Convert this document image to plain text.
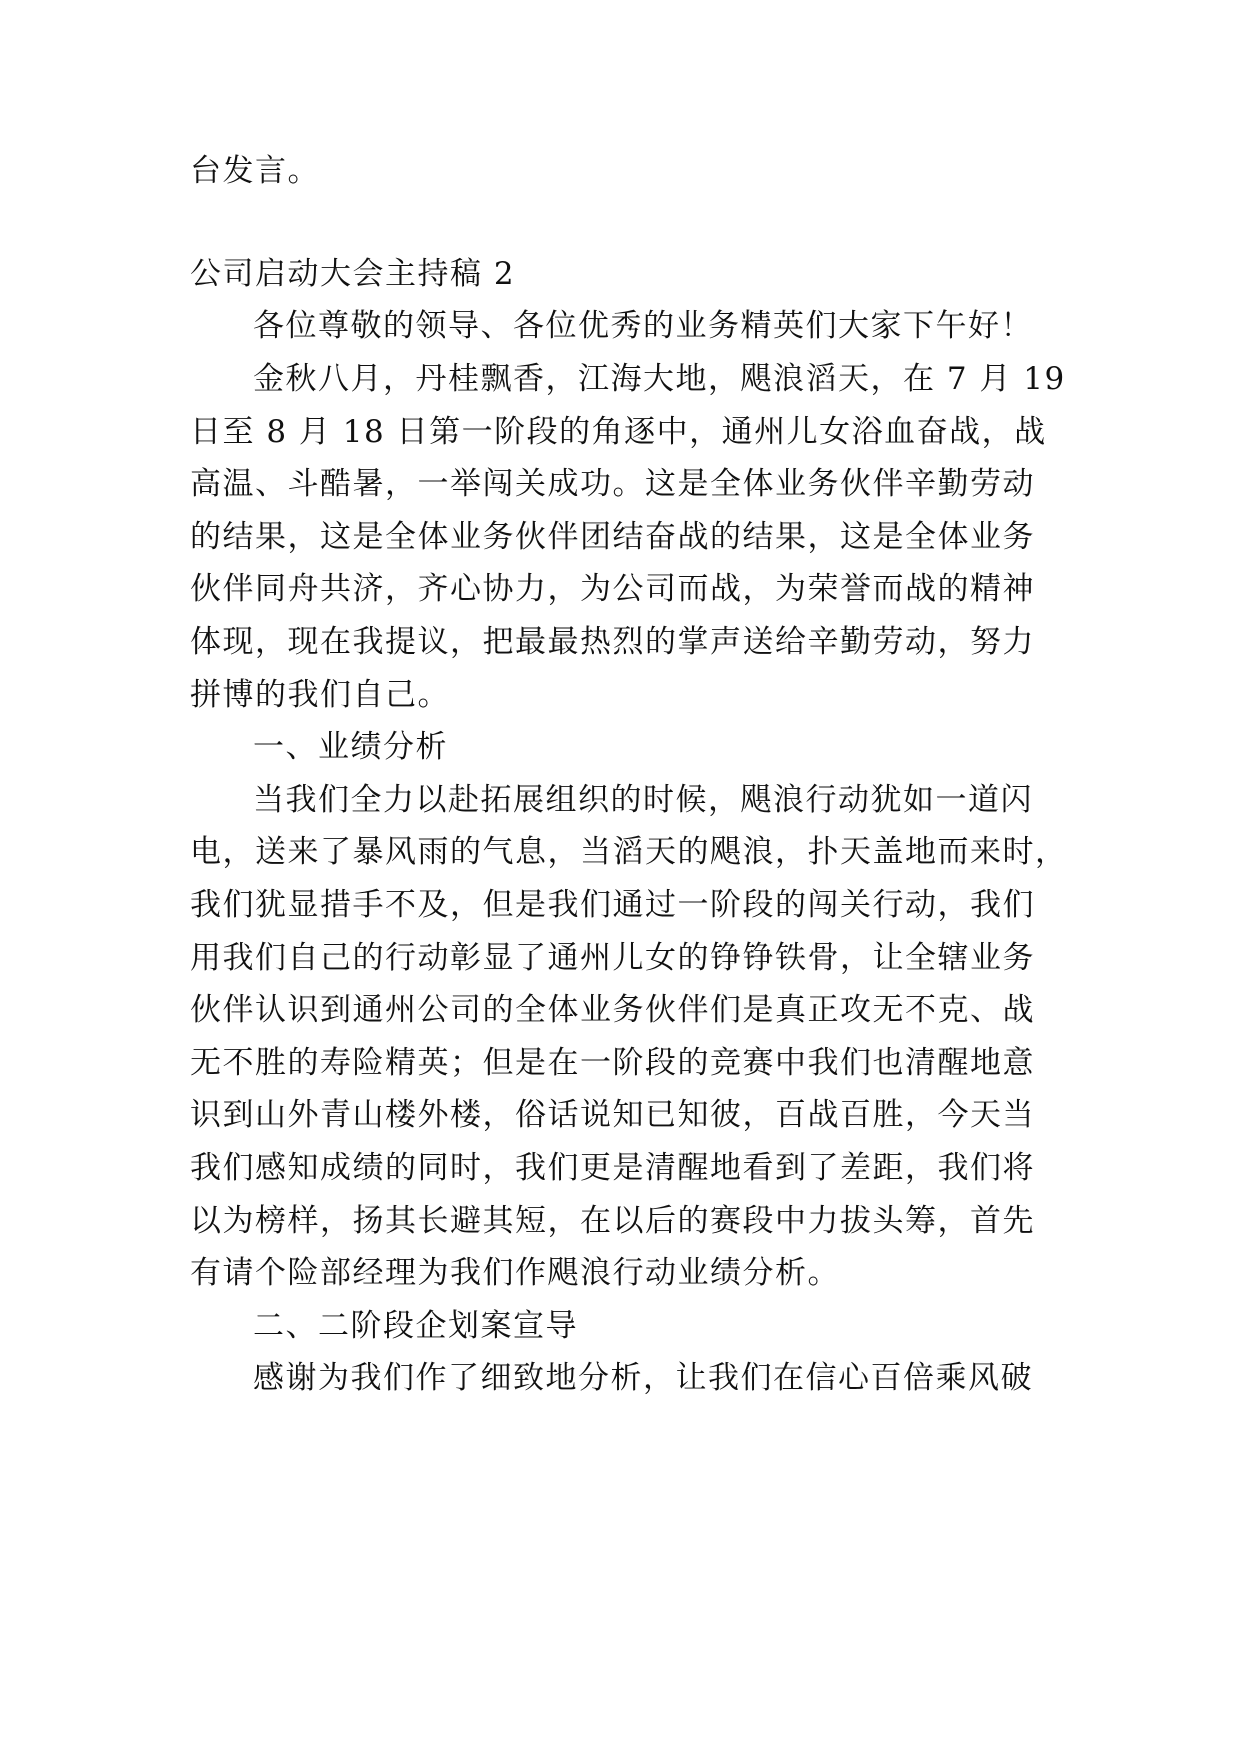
台发言。
公司启动大会主持稿 2
各位尊敬的领导、各位优秀的业务精英们大家下午好！
金秋八月，丹桂飘香，江海大地，飓浪滔天，在 7 月 19
日至 8 月 18 日第一阶段的角逐中，通州儿女浴血奋战，战
高温、斗酷暑，一举闯关成功。这是全体业务伙伴辛勤劳动
的结果，这是全体业务伙伴团结奋战的结果，这是全体业务
伙伴同舟共济，齐心协力，为公司而战，为荣誉而战的精神
体现，现在我提议，把最最热烈的掌声送给辛勤劳动，努力
拼博的我们自己。
一、业绩分析
当我们全力以赴拓展组织的时候，飓浪行动犹如一道闪
电，送来了暴风雨的气息，当滔天的飓浪，扑天盖地而来时，
我们犹显措手不及，但是我们通过一阶段的闯关行动，我们
用我们自己的行动彰显了通州儿女的铮铮铁骨，让全辖业务
伙伴认识到通州公司的全体业务伙伴们是真正攻无不克、战
无不胜的寿险精英；但是在一阶段的竞赛中我们也清醒地意
识到山外青山楼外楼，俗话说知已知彼，百战百胜，今天当
我们感知成绩的同时，我们更是清醒地看到了差距，我们将
以为榜样，扬其长避其短，在以后的赛段中力拔头筹，首先
有请个险部经理为我们作飓浪行动业绩分析。
二、二阶段企划案宣导
感谢为我们作了细致地分析，让我们在信心百倍乘风破
